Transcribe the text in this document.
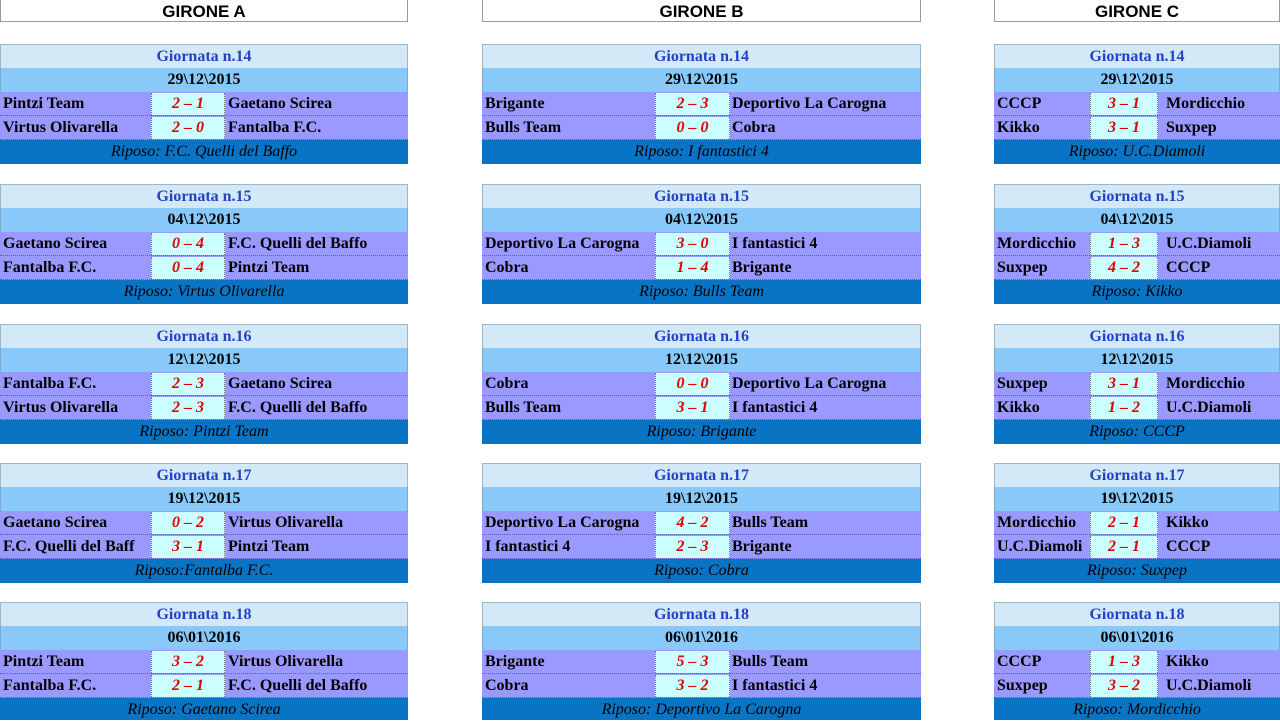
GIRONE A
Giornata n.14
29\12\2015
Pintzi Team	2 – 1	Gaetano Scirea
Virtus Olivarella	2 – 0	Fantalba F.C.
Riposo: F.C. Quelli del Baffo
Giornata n.15
04\12\2015
Gaetano Scirea	0 – 4	F.C. Quelli del Baffo
Fantalba F.C.	0 – 4	Pintzi Team
Riposo: Virtus Olivarella
Giornata n.16
12\12\2015
Fantalba F.C.	2 – 3	Gaetano Scirea
Virtus Olivarella	2 – 3	F.C. Quelli del Baffo
Riposo: Pintzi Team
Giornata n.17
19\12\2015
Gaetano Scirea	0 – 2	Virtus Olivarella
F.C. Quelli del Baff	3 – 1	Pintzi Team
Riposo:Fantalba F.C.
Giornata n.18
06\01\2016
Pintzi Team	3 – 2	Virtus Olivarella
Fantalba F.C.	2 – 1	F.C. Quelli del Baffo
Riposo: Gaetano Scirea
GIRONE B
Giornata n.14
29\12\2015
Brigante	2 – 3	Deportivo La Carogna
Bulls Team	0 – 0	Cobra
Riposo: I fantastici 4
Giornata n.15
04\12\2015
Deportivo La Carogna	3 – 0	I fantastici 4
Cobra	1 – 4	Brigante
Riposo: Bulls Team
Giornata n.16
12\12\2015
Cobra	0 – 0	Deportivo La Carogna
Bulls Team	3 – 1	I fantastici 4
Riposo: Brigante
Giornata n.17
19\12\2015
Deportivo La Carogna	4 – 2	Bulls Team
I fantastici 4	2 – 3	Brigante
Riposo: Cobra
Giornata n.18
06\01\2016
Brigante	5 – 3	Bulls Team
Cobra	3 – 2	I fantastici 4
Riposo: Deportivo La Carogna
GIRONE C
Giornata n.14
29\12\2015
CCCP	3 – 1	Mordicchio
Kikko	3 – 1	Suxpep
Riposo: U.C.Diamoli
Giornata n.15
04\12\2015
Mordicchio	1 – 3	U.C.Diamoli
Suxpep	4 – 2	CCCP
Riposo: Kikko
Giornata n.16
12\12\2015
Suxpep	3 – 1	Mordicchio
Kikko	1 – 2	U.C.Diamoli
Riposo: CCCP
Giornata n.17
19\12\2015
Mordicchio	2 – 1	Kikko
U.C.Diamoli	2 – 1	CCCP
Riposo: Suxpep
Giornata n.18
06\01\2016
CCCP	1 – 3	Kikko
Suxpep	3 – 2	U.C.Diamoli
Riposo: Mordicchio
